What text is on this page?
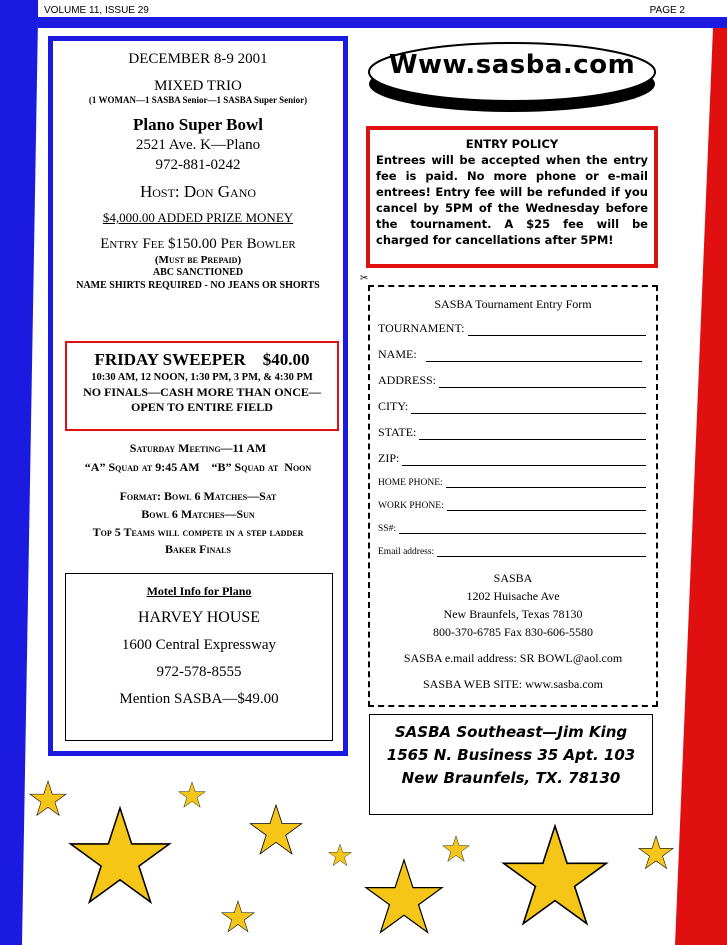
VOLUME 11, ISSUE 29	PAGE 2

DECEMBER 8-9 2001

MIXED TRIO

(1 WOMAN—1 SASBA Senior—1 SASBA Super Senior)

Plano Super Bowl

2521 Ave. K—Plano

972-881-0242

Host: Don Gano

$4,000.00 ADDED PRIZE MONEY

Entry Fee $150.00 Per Bowler

(Must be Prepaid)

ABC SANCTIONED

NAME SHIRTS REQUIRED - NO JEANS OR SHORTS

FRIDAY SWEEPER    $40.00

10:30 AM, 12 NOON, 1:30 PM, 3 PM, & 4:30 PM

NO FINALS—CASH MORE THAN ONCE—

OPEN TO ENTIRE FIELD

Saturday Meeting—11 AM

“A” Squad at 9:45 AM    “B” Squad at  Noon

Format: Bowl 6 Matches—Sat

Bowl 6 Matches—Sun

Top 5 Teams will compete in a step ladder

Baker Finals

Motel Info for Plano

HARVEY HOUSE

1600 Central Expressway

972-578-8555

Mention SASBA—$49.00

Www.sasba.com
ENTRY POLICY
Entrees will be accepted when the entry fee is paid. No more phone or e-mail entrees! Entry fee will be refunded if you cancel by 5PM of the Wednesday before the tournament. A $25 fee will be charged for cancellations after 5PM!
✂
SASBA Tournament Entry Form
TOURNAMENT:
NAME:
ADDRESS:
CITY:
STATE:
ZIP:
HOME PHONE:
WORK PHONE:
SS#:
Email address:

SASBA

1202 Huisache Ave

New Braunfels, Texas 78130

800-370-6785 Fax 830-606-5580

SASBA e.mail address: SR BOWL@aol.com

SASBA WEB SITE: www.sasba.com

SASBA Southeast—Jim King
1565 N. Business 35 Apt. 103
New Braunfels, TX. 78130
